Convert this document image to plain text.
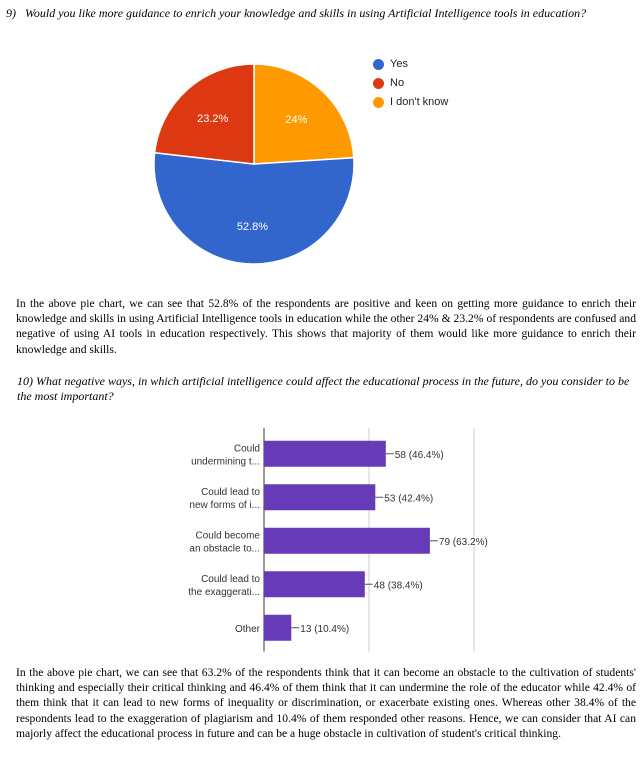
9) Would you like more guidance to enrich your knowledge and skills in using Artificial Intelligence tools in education?
24%
52.8%
23.2%
Yes
No
I don't know
In the above pie chart, we can see that 52.8% of the respondents are positive and keen on getting more guidance to enrich their knowledge and skills in using Artificial Intelligence tools in education while the other 24% & 23.2% of respondents are confused and negative of using AI tools in education respectively. This shows that majority of them would like more guidance to enrich their knowledge and skills.
10) What negative ways, in which artificial intelligence could affect the educational process in the future, do you consider to be the most important?
Could undermining t...
Could lead to new forms of i...
Could become an obstacle to...
Could lead to the exaggerati...
Other
58 (46.4%)
53 (42.4%)
79 (63.2%)
48 (38.4%)
13 (10.4%)
In the above pie chart, we can see that 63.2% of the respondents think that it can become an obstacle to the cultivation of students' thinking and especially their critical thinking and 46.4% of them think that it can undermine the role of the educator while 42.4% of them think that it can lead to new forms of inequality or discrimination, or exacerbate existing ones. Whereas other 38.4% of the respondents lead to the exaggeration of plagiarism and 10.4% of them responded other reasons. Hence, we can consider that AI can majorly affect the educational process in future and can be a huge obstacle in cultivation of student's critical thinking.
